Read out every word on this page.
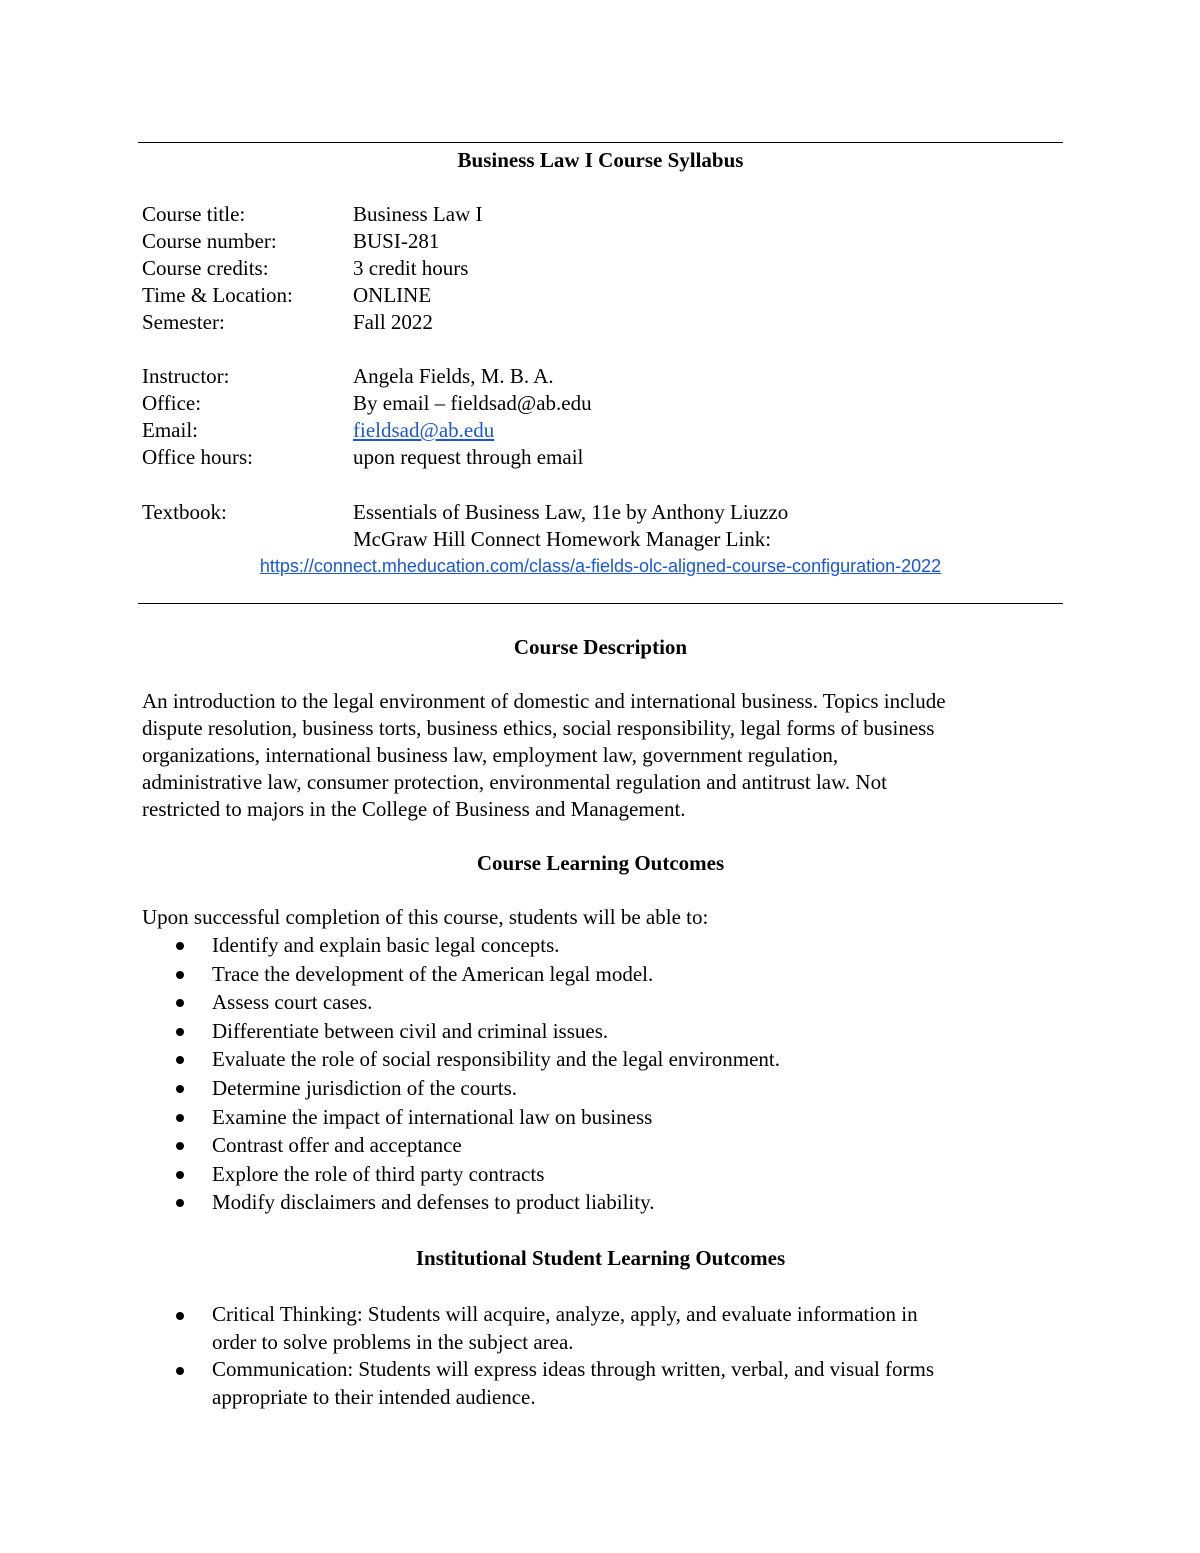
Business Law I Course Syllabus
Course title:	Business Law I
Course number:	BUSI-281
Course credits:	3 credit hours
Time & Location:	ONLINE
Semester:	Fall 2022
Instructor:	Angela Fields, M. B. A.
Office:	By email – fieldsad@ab.edu
Email:	fieldsad@ab.edu
Office hours:	upon request through email
Textbook:	Essentials of Business Law, 11e by Anthony Liuzzo
McGraw Hill Connect Homework Manager Link:
https://connect.mheducation.com/class/a-fields-olc-aligned-course-configuration-2022
Course Description
An introduction to the legal environment of domestic and international business. Topics include
dispute resolution, business torts, business ethics, social responsibility, legal forms of business
organizations, international business law, employment law, government regulation,
administrative law, consumer protection, environmental regulation and antitrust law. Not
restricted to majors in the College of Business and Management.
Course Learning Outcomes
Upon successful completion of this course, students will be able to:
Identify and explain basic legal concepts.
Trace the development of the American legal model.
Assess court cases.
Differentiate between civil and criminal issues.
Evaluate the role of social responsibility and the legal environment.
Determine jurisdiction of the courts.
Examine the impact of international law on business
Contrast offer and acceptance
Explore the role of third party contracts
Modify disclaimers and defenses to product liability.
Institutional Student Learning Outcomes
Critical Thinking: Students will acquire, analyze, apply, and evaluate information in
order to solve problems in the subject area.
Communication: Students will express ideas through written, verbal, and visual forms
appropriate to their intended audience.
